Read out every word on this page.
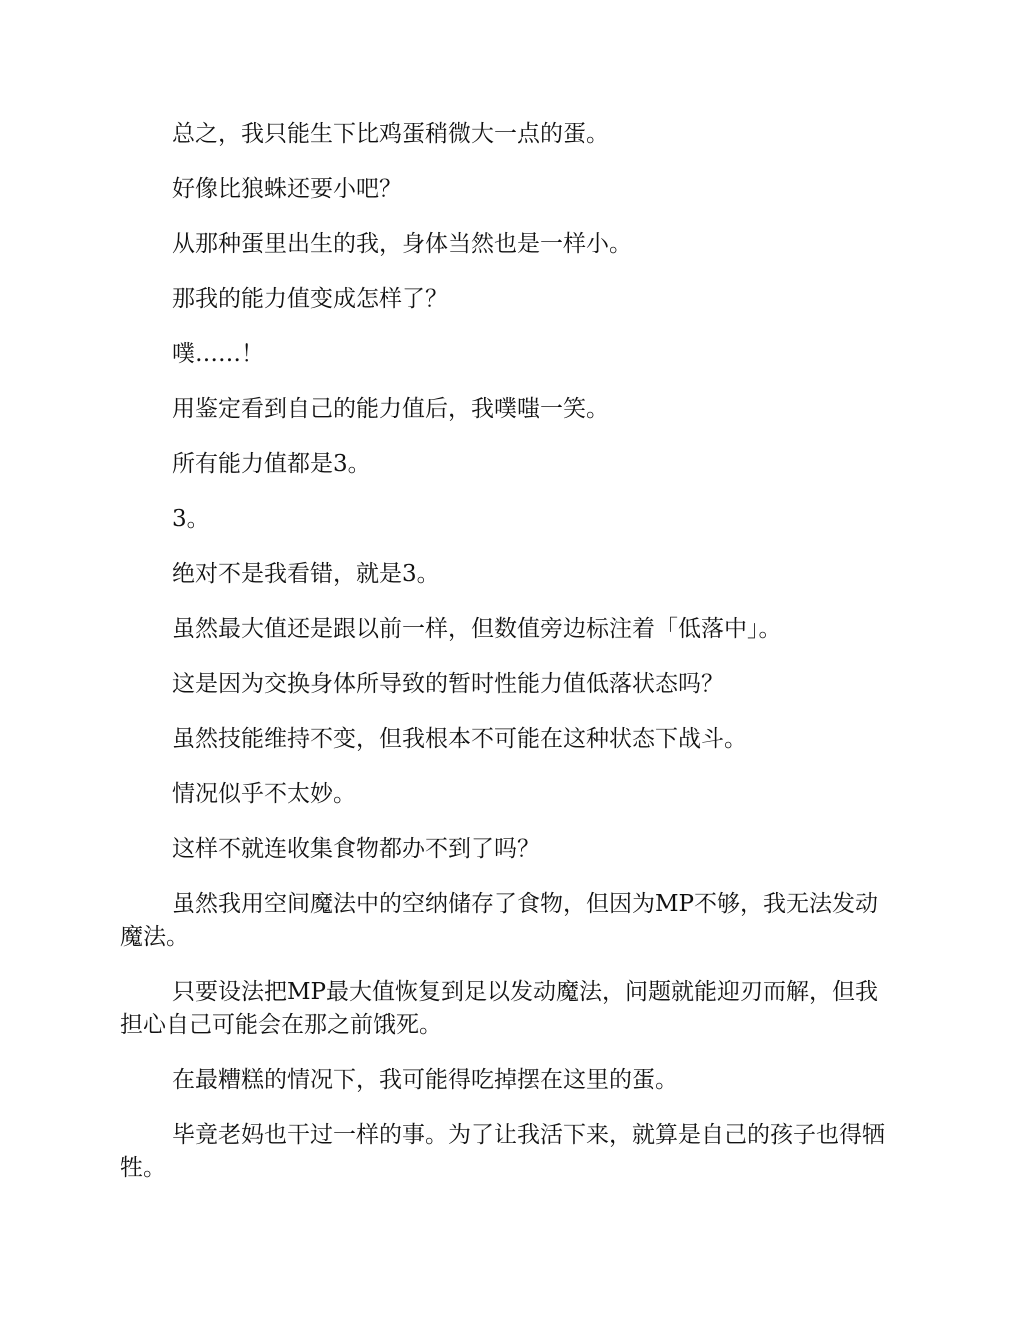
总之，我只能生下比鸡蛋稍微大一点的蛋。

好像比狼蛛还要小吧？

从那种蛋里出生的我，身体当然也是一样小。

那我的能力值变成怎样了？

噗……！

用鉴定看到自己的能力值后，我噗嗤一笑。

所有能力值都是3。

3。

绝对不是我看错，就是3。

虽然最大值还是跟以前一样，但数值旁边标注着「低落中」。

这是因为交换身体所导致的暂时性能力值低落状态吗？

虽然技能维持不变，但我根本不可能在这种状态下战斗。

情况似乎不太妙。

这样不就连收集食物都办不到了吗？

虽然我用空间魔法中的空纳储存了食物，但因为MP不够，我无法发动魔法。

只要设法把MP最大值恢复到足以发动魔法，问题就能迎刃而解，但我担心自己可能会在那之前饿死。

在最糟糕的情况下，我可能得吃掉摆在这里的蛋。

毕竟老妈也干过一样的事。为了让我活下来，就算是自己的孩子也得牺牲。
